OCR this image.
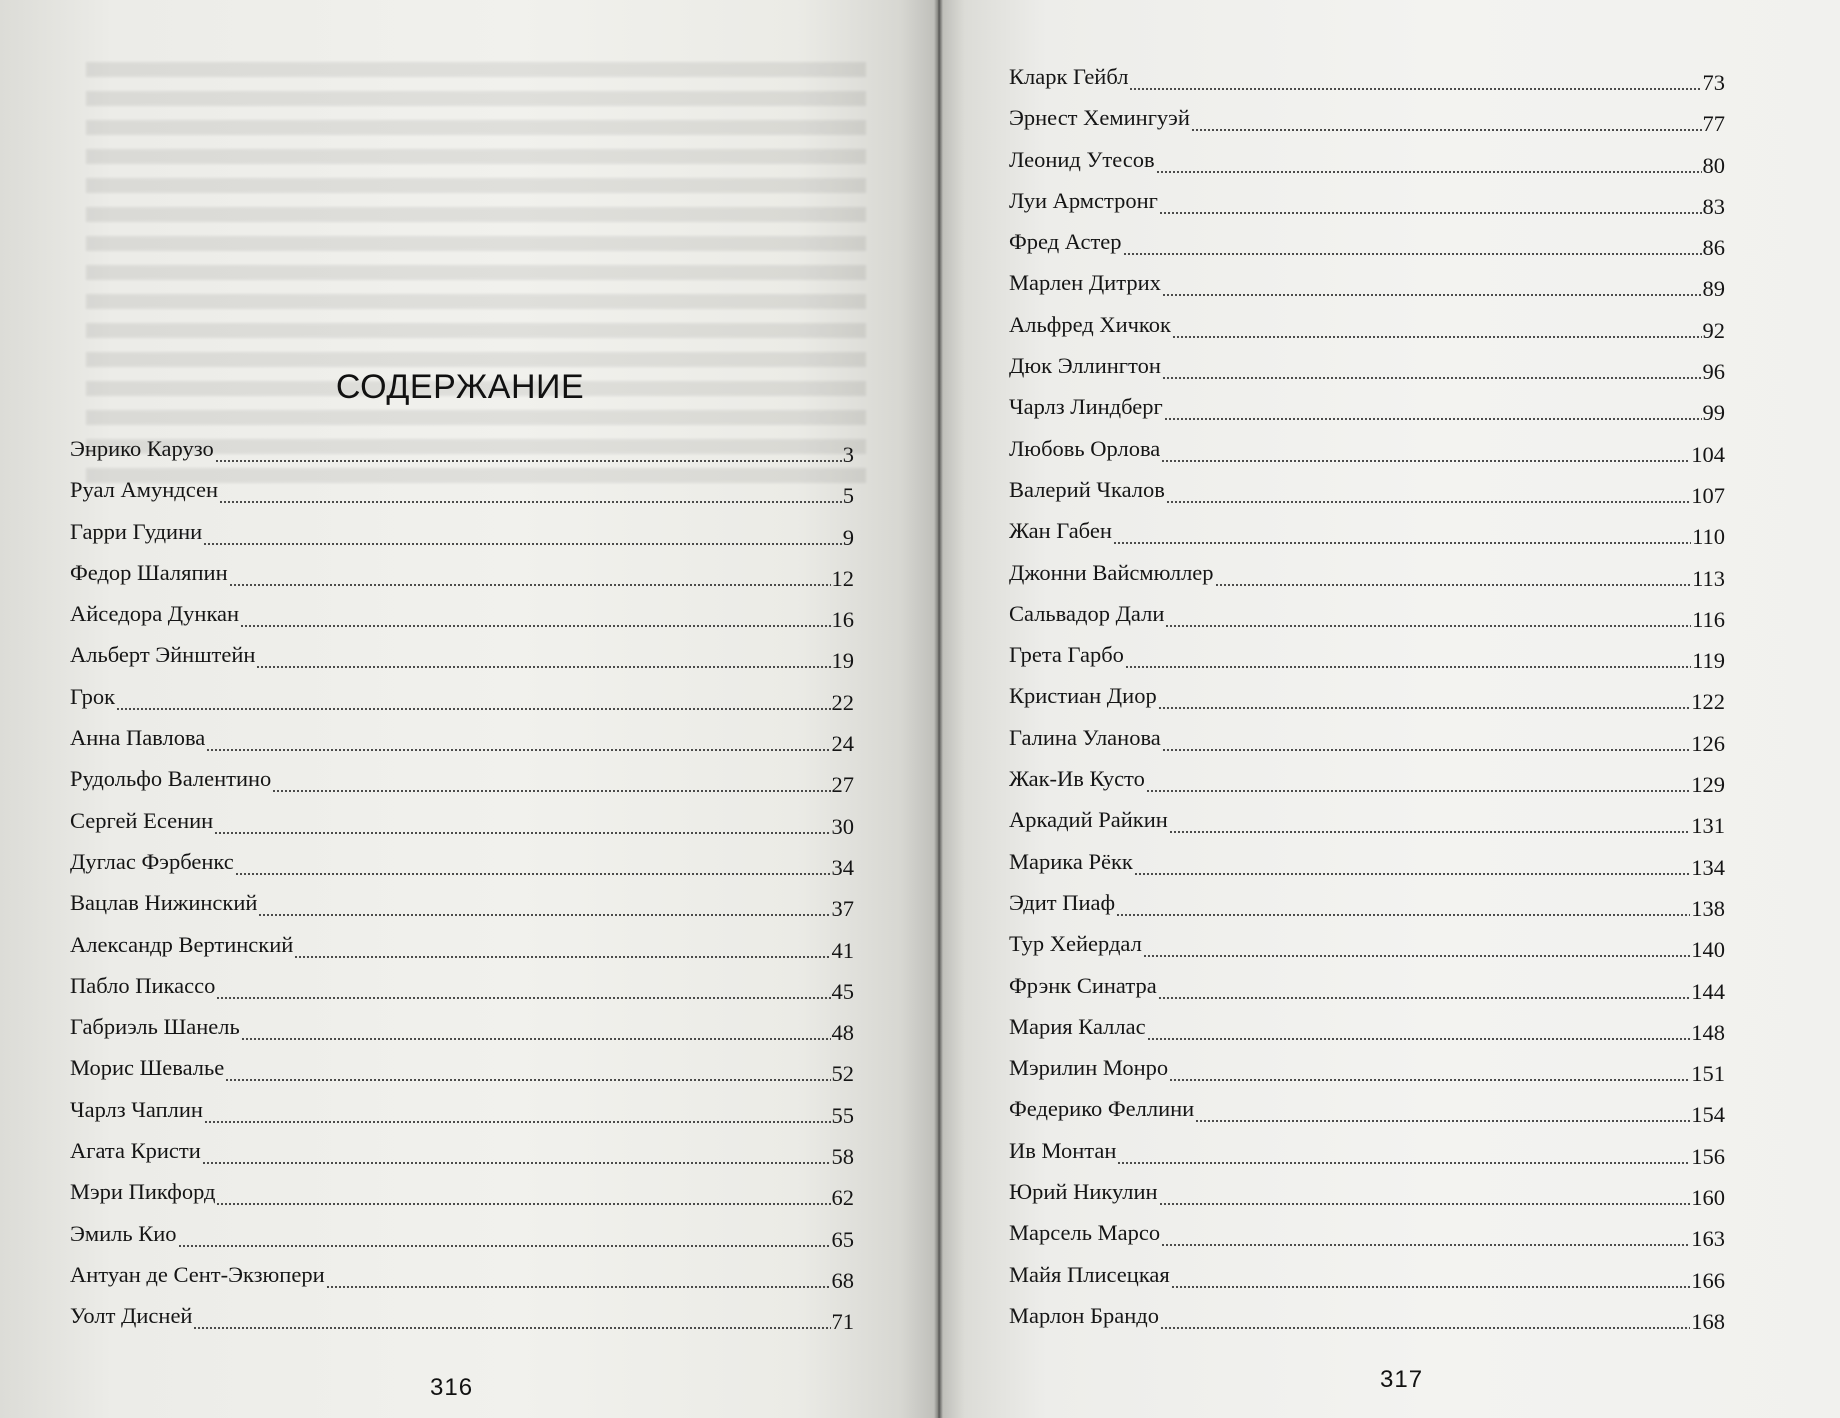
СОДЕРЖАНИЕ
Энрико Карузо	3
Руал Амундсен	5
Гарри Гудини	9
Федор Шаляпин	12
Айседора Дункан	16
Альберт Эйнштейн	19
Грок	22
Анна Павлова	24
Рудольфо Валентино	27
Сергей Есенин	30
Дуглас Фэрбенкс	34
Вацлав Нижинский	37
Александр Вертинский	41
Пабло Пикассо	45
Габриэль Шанель	48
Морис Шевалье	52
Чарлз Чаплин	55
Агата Кристи	58
Мэри Пикфорд	62
Эмиль Кио	65
Антуан де Сент-Экзюпери	68
Уолт Дисней	71
316
Кларк Гейбл	73
Эрнест Хемингуэй	77
Леонид Утесов	80
Луи Армстронг	83
Фред Астер	86
Марлен Дитрих	89
Альфред Хичкок	92
Дюк Эллингтон	96
Чарлз Линдберг	99
Любовь Орлова	104
Валерий Чкалов	107
Жан Габен	110
Джонни Вайсмюллер	113
Сальвадор Дали	116
Грета Гарбо	119
Кристиан Диор	122
Галина Уланова	126
Жак-Ив Кусто	129
Аркадий Райкин	131
Марика Рёкк	134
Эдит Пиаф	138
Тур Хейердал	140
Фрэнк Синатра	144
Мария Каллас	148
Мэрилин Монро	151
Федерико Феллини	154
Ив Монтан	156
Юрий Никулин	160
Марсель Марсо	163
Майя Плисецкая	166
Марлон Брандо	168
317
